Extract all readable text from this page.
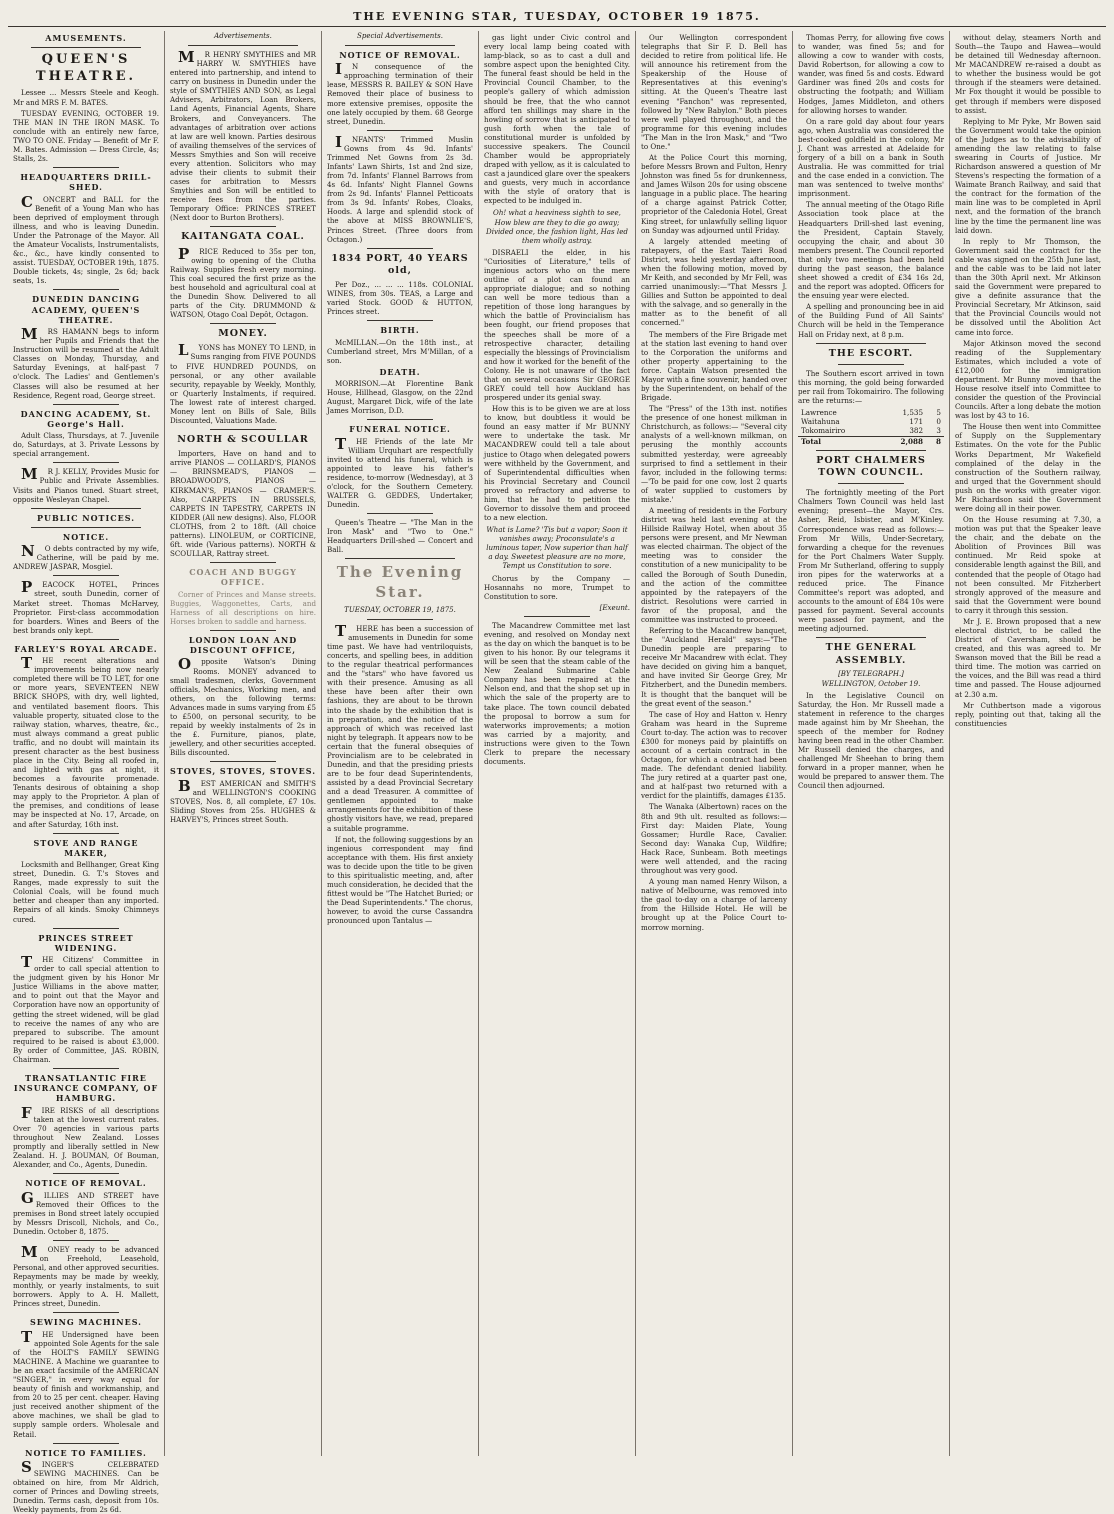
THE EVENING STAR, TUESDAY, OCTOBER 19 1875.
AMUSEMENTS.
QUEEN'S THEATRE.

Lessee ... Messrs Steele and Keogh. Mr and MRS F. M. BATES.

TUESDAY EVENING, OCTOBER 19. THE MAN IN THE IRON MASK. To conclude with an entirely new farce, TWO TO ONE. Friday — Benefit of Mr F. M. Bates. Admission — Dress Circle, 4s; Stalls, 2s.

HEADQUARTERS DRILL-SHED.

CONCERT and BALL for the Benefit of a Young Man who has been deprived of employment through illness, and who is leaving Dunedin. Under the Patronage of the Mayor. All the Amateur Vocalists, Instrumentalists, &c., &c., have kindly consented to assist. TUESDAY, OCTOBER 19th, 1875. Double tickets, 4s; single, 2s 6d; back seats, 1s.

DUNEDIN DANCING ACADEMY, QUEEN'S THEATRE.

MRS HAMANN begs to inform her Pupils and Friends that the Instruction will be resumed at the Adult Classes on Monday, Thursday, and Saturday Evenings, at half-past 7 o'clock. The Ladies' and Gentlemen's Classes will also be resumed at her Residence, Regent road, George street.

DANCING ACADEMY, St. George's Hall.

Adult Class, Thursdays, at 7. Juvenile do, Saturdays, at 3. Private Lessons by special arrangement.

MR J. KELLY, Provides Music for Public and Private Assemblies. Visits and Pianos tuned. Stuart street, opposite Wesleyan Chapel.

PUBLIC NOTICES.
NOTICE.

NO debts contracted by my wife, Catherine, will be paid by me. ANDREW JASPAR, Mosgiel.

PEACOCK HOTEL, Princes street, south Dunedin, corner of Market street. Thomas McHarvey, Proprietor. First-class accommodation for boarders. Wines and Beers of the best brands only kept.

FARLEY'S ROYAL ARCADE.

THE recent alterations and improvements being now nearly completed there will be TO LET, for one or more years, SEVENTEEN NEW BRICK SHOPS, with dry, well lighted, and ventilated basement floors. This valuable property, situated close to the railway station, wharves, theatre, &c., must always command a great public traffic, and no doubt will maintain its present character as the best business place in the City. Being all roofed in, and lighted with gas at night, it becomes a favourite promenade. Tenants desirous of obtaining a shop may apply to the Proprietor. A plan of the premises, and conditions of lease may be inspected at No. 17, Arcade, on and after Saturday, 16th inst.

STOVE AND RANGE MAKER,

Locksmith and Bellhanger, Great King street, Dunedin. G. T.'s Stoves and Ranges, made expressly to suit the Colonial Coals, will be found much better and cheaper than any imported. Repairs of all kinds. Smoky Chimneys cured.

PRINCES STREET WIDENING.

THE Citizens' Committee in order to call special attention to the judgment given by his Honor Mr Justice Williams in the above matter, and to point out that the Mayor and Corporation have now an opportunity of getting the street widened, will be glad to receive the names of any who are prepared to subscribe. The amount required to be raised is about £3,000. By order of Committee, JAS. ROBIN, Chairman.

TRANSATLANTIC FIRE INSURANCE COMPANY, OF HAMBURG.

FIRE RISKS of all descriptions taken at the lowest current rates. Over 70 agencies in various parts throughout New Zealand. Losses promptly and liberally settled in New Zealand. H. J. BOUMAN, Of Bouman, Alexander, and Co., Agents, Dunedin.

NOTICE OF REMOVAL.

GILLIES AND STREET have Removed their Offices to the premises in Bond street lately occupied by Messrs Driscoll, Nichols, and Co., Dunedin. October 8, 1875.

MONEY ready to be advanced on Freehold, Leasehold, Personal, and other approved securities. Repayments may be made by weekly, monthly, or yearly instalments, to suit borrowers. Apply to A. H. Mallett, Princes street, Dunedin.

SEWING MACHINES.

THE Undersigned have been appointed Sole Agents for the sale of the HOLT'S FAMILY SEWING MACHINE. A Machine we guarantee to be an exact facsimile of the AMERICAN "SINGER," in every way equal for beauty of finish and workmanship, and from 20 to 25 per cent. cheaper. Having just received another shipment of the above machines, we shall be glad to supply sample orders. Wholesale and Retail.

NOTICE TO FAMILIES.

SINGER'S CELEBRATED SEWING MACHINES. Can be obtained on hire, from Mr Aldrich, corner of Princes and Dowling streets, Dunedin. Terms cash, deposit from 10s. Weekly payments, from 2s 6d.

Advertisements.

MR HENRY SMYTHIES and MR HARRY W. SMYTHIES have entered into partnership, and intend to carry on business in Dunedin under the style of SMYTHIES AND SON, as Legal Advisers, Arbitrators, Loan Brokers, Land Agents, Financial Agents, Share Brokers, and Conveyancers. The advantages of arbitration over actions at law are well known. Parties desirous of availing themselves of the services of Messrs Smythies and Son will receive every attention. Solicitors who may advise their clients to submit their cases for arbitration to Messrs Smythies and Son will be entitled to receive fees from the parties. Temporary Office: PRINCES STREET (Next door to Burton Brothers).

KAITANGATA COAL.

PRICE Reduced to 35s per ton, owing to opening of the Clutha Railway. Supplies fresh every morning. This coal secured the first prize as the best household and agricultural coal at the Dunedin Show. Delivered to all parts of the City. DRUMMOND & WATSON, Otago Coal Depôt, Octagon.

MONEY.

LYONS has MONEY TO LEND, in Sums ranging from FIVE POUNDS to FIVE HUNDRED POUNDS, on personal, or any other available security, repayable by Weekly, Monthly, or Quarterly Instalments, if required. The lowest rate of interest charged. Money lent on Bills of Sale, Bills Discounted, Valuations Made.

NORTH & SCOULLAR

Importers, Have on hand and to arrive PIANOS — COLLARD'S, PIANOS — BRINSMEAD'S, PIANOS — BROADWOOD'S, PIANOS — KIRKMAN'S, PIANOS — CRAMER'S. Also, CARPETS IN BRUSSELS, CARPETS IN TAPESTRY, CARPETS IN KIDDER (All new designs). Also, FLOOR CLOTHS, from 2 to 18ft. (All choice patterns). LINOLEUM, or CORTICINE, 6ft. wide (Various patterns). NORTH & SCOULLAR, Rattray street.

COACH AND BUGGY OFFICE.

Corner of Princes and Manse streets. Buggies, Waggonettes, Carts, and Harness of all descriptions on hire. Horses broken to saddle and harness.

LONDON LOAN AND DISCOUNT OFFICE,

Opposite Watson's Dining Rooms. MONEY advanced to small tradesmen, clerks, Government officials, Mechanics, Working men, and others, on the following terms: Advances made in sums varying from £5 to £500, on personal security, to be repaid by weekly instalments of 2s in the £. Furniture, pianos, plate, jewellery, and other securities accepted. Bills discounted.

STOVES, STOVES, STOVES.

BEST AMERICAN and SMITH'S and WELLINGTON'S COOKING STOVES, Nos. 8, all complete, £7 10s. Sliding Stoves from 25s. HUGHES & HARVEY'S, Princes street South.

Special Advertisements.
NOTICE OF REMOVAL.

IN consequence of the approaching termination of their lease, MESSRS R. BAILEY & SON Have Removed their place of business to more extensive premises, opposite the one lately occupied by them. 68 George street, Dunedin.

INFANTS' Trimmed Muslin Gowns from 4s 9d. Infants' Trimmed Net Gowns from 2s 3d. Infants' Lawn Shirts, 1st and 2nd size, from 7d. Infants' Flannel Barrows from 4s 6d. Infants' Night Flannel Gowns from 2s 9d. Infants' Flannel Petticoats from 3s 9d. Infants' Robes, Cloaks, Hoods. A large and splendid stock of the above at MISS BROWNLIE'S, Princes Street. (Three doors from Octagon.)

1834 PORT, 40 YEARS old,

Per Doz., ... ... ... 118s. COLONIAL WINES, from 30s. TEAS, a Large and varied Stock. GOOD & HUTTON, Princes street.

BIRTH.

McMILLAN.—On the 18th inst., at Cumberland street, Mrs M'Millan, of a son.

DEATH.

MORRISON.—At Florentine Bank House, Hillhead, Glasgow, on the 22nd August, Margaret Dick, wife of the late James Morrison, D.D.

FUNERAL NOTICE.

THE Friends of the late Mr William Urquhart are respectfully invited to attend his funeral, which is appointed to leave his father's residence, to-morrow (Wednesday), at 3 o'clock, for the Southern Cemetery. WALTER G. GEDDES, Undertaker, Dunedin.

Queen's Theatre — "The Man in the Iron Mask" and "Two to One." Headquarters Drill-shed — Concert and Ball.

The Evening Star.
TUESDAY, OCTOBER 19, 1875.

THERE has been a succession of amusements in Dunedin for some time past. We have had ventriloquists, concerts, and spelling bees, in addition to the regular theatrical performances and the "stars" who have favored us with their presence. Amusing as all these have been after their own fashions, they are about to be thrown into the shade by the exhibition that is in preparation, and the notice of the approach of which was received last night by telegraph. It appears now to be certain that the funeral obsequies of Provincialism are to be celebrated in Dunedin, and that the presiding priests are to be four dead Superintendents, assisted by a dead Provincial Secretary and a dead Treasurer. A committee of gentlemen appointed to make arrangements for the exhibition of these ghostly visitors have, we read, prepared a suitable programme.

If not, the following suggestions by an ingenious correspondent may find acceptance with them. His first anxiety was to decide upon the title to be given to this spiritualistic meeting, and, after much consideration, he decided that the fittest would be "The Hatchet Buried; or the Dead Superintendents." The chorus, however, to avoid the curse Cassandra pronounced upon Tantalus —

gas light under Civic control and every local lamp being coated with lamp-black, so as to cast a dull and sombre aspect upon the benighted City. The funeral feast should be held in the Provincial Council Chamber, to the people's gallery of which admission should be free, that the who cannot afford ten shillings may share in the howling of sorrow that is anticipated to gush forth when the tale of constitutional murder is unfolded by successive speakers. The Council Chamber would be appropriately draped with yellow, as it is calculated to cast a jaundiced glare over the speakers and guests, very much in accordance with the style of oratory that is expected to be indulged in.

Oh! what a heaviness sighth to see, How blew are they to die go away; Divided once, the fashion light, Has led them wholly astray.

DISRAELI the elder, in his "Curiosities of Literature," tells of ingenious actors who on the mere outline of a plot can found an appropriate dialogue; and so nothing can well be more tedious than a repetition of those long harangues by which the battle of Provincialism has been fought, our friend proposes that the speeches shall be more of a retrospective character, detailing especially the blessings of Provincialism and how it worked for the benefit of the Colony. He is not unaware of the fact that on several occasions Sir GEORGE GREY could tell how Auckland has prospered under its genial sway.

How this is to be given we are at loss to know, but doubtless it would be found an easy matter if Mr BUNNY were to undertake the task. Mr MACANDREW could tell a tale about justice to Otago when delegated powers were withheld by the Government, and of Superintendental difficulties when his Provincial Secretary and Council proved so refractory and adverse to him, that he had to petition the Governor to dissolve them and proceed to a new election.

What is Lame? 'Tis but a vapor; Soon it vanishes away; Proconsulate's a luminous taper, Now superior than half a day. Sweetest pleasure are no more, Tempt us Constitution to sore.

Chorus by the Company — Hosannahs no more, Trumpet to Constitution to sore.

[Exeunt.

The Macandrew Committee met last evening, and resolved on Monday next as the day on which the banquet is to be given to his honor. By our telegrams it will be seen that the steam cable of the New Zealand Submarine Cable Company has been repaired at the Nelson end, and that the shop set up in which the sale of the property are to take place. The town council debated the proposal to borrow a sum for waterworks improvements; a motion was carried by a majority, and instructions were given to the Town Clerk to prepare the necessary documents.

Our Wellington correspondent telegraphs that Sir F. D. Bell has decided to retire from political life. He will announce his retirement from the Speakership of the House of Representatives at this evening's sitting. At the Queen's Theatre last evening "Fanchon" was represented, followed by "New Babylon." Both pieces were well played throughout, and the programme for this evening includes "The Man in the Iron Mask," and "Two to One."

At the Police Court this morning, before Messrs Brown and Fulton, Henry Johnston was fined 5s for drunkenness, and James Wilson 20s for using obscene language in a public place. The hearing of a charge against Patrick Cotter, proprietor of the Caledonia Hotel, Great King street, for unlawfully selling liquor on Sunday was adjourned until Friday.

A largely attended meeting of ratepayers, of the East Taieri Road District, was held yesterday afternoon, when the following motion, moved by Mr Keith, and seconded by Mr Fell, was carried unanimously:—"That Messrs J. Gillies and Sutton be appointed to deal with the salvage, and so generally in the matter as to the benefit of all concerned."

The members of the Fire Brigade met at the station last evening to hand over to the Corporation the uniforms and other property appertaining to the force. Captain Watson presented the Mayor with a fine souvenir, handed over by the Superintendent, on behalf of the Brigade.

The "Press" of the 13th inst. notifies the presence of one honest milkman in Christchurch, as follows:— "Several city analysts of a well-known milkman, on perusing the monthly accounts submitted yesterday, were agreeably surprised to find a settlement in their favor, included in the following terms:—'To be paid for one cow, lost 2 quarts of water supplied to customers by mistake.'

A meeting of residents in the Forbury district was held last evening at the Hillside Railway Hotel, when about 35 persons were present, and Mr Newman was elected chairman. The object of the meeting was to consider the constitution of a new municipality to be called the Borough of South Dunedin, and the action of the committee appointed by the ratepayers of the district. Resolutions were carried in favor of the proposal, and the committee was instructed to proceed.

Referring to the Macandrew banquet, the "Auckland Herald" says:—"The Dunedin people are preparing to receive Mr Macandrew with éclat. They have decided on giving him a banquet, and have invited Sir George Grey, Mr Fitzherbert, and the Dunedin members. It is thought that the banquet will be the great event of the season."

The case of Hoy and Hatton v. Henry Graham was heard in the Supreme Court to-day. The action was to recover £300 for moneys paid by plaintiffs on account of a certain contract in the Octagon, for which a contract had been made. The defendant denied liability. The jury retired at a quarter past one, and at half-past two returned with a verdict for the plaintiffs, damages £135.

The Wanaka (Albertown) races on the 8th and 9th ult. resulted as follows:—First day: Maiden Plate, Young Gossamer; Hurdle Race, Cavalier. Second day: Wanaka Cup, Wildfire; Hack Race, Sunbeam. Both meetings were well attended, and the racing throughout was very good.

A young man named Henry Wilson, a native of Melbourne, was removed into the gaol to-day on a charge of larceny from the Hillside Hotel. He will be brought up at the Police Court to-morrow morning.

Thomas Perry, for allowing five cows to wander, was fined 5s; and for allowing a cow to wander with costs, David Robertson, for allowing a cow to wander, was fined 5s and costs. Edward Gardiner was fined 20s and costs for obstructing the footpath; and William Hodges, James Middleton, and others for allowing horses to wander.

On a rare gold day about four years ago, when Australia was considered the best-cooked goldfield in the colony, Mr J. Chant was arrested at Adelaide for forgery of a bill on a bank in South Australia. He was committed for trial and the case ended in a conviction. The man was sentenced to twelve months' imprisonment.

The annual meeting of the Otago Rifle Association took place at the Headquarters Drill-shed last evening, the President, Captain Stavely, occupying the chair, and about 30 members present. The Council reported that only two meetings had been held during the past season, the balance sheet showed a credit of £34 16s 2d, and the report was adopted. Officers for the ensuing year were elected.

A spelling and pronouncing bee in aid of the Building Fund of All Saints' Church will be held in the Temperance Hall on Friday next, at 8 p.m.

THE ESCORT.

The Southern escort arrived in town this morning, the gold being forwarded per rail from Tokomairiro. The following are the returns:—

Lawrence	1,535	5
Waitahuna	171	0
Tokomairiro	382	3
Total	2,088	8
PORT CHALMERS TOWN COUNCIL.

The fortnightly meeting of the Port Chalmers Town Council was held last evening; present—the Mayor, Crs. Asher, Reid, Isbister, and M'Kinley. Correspondence was read as follows:—From Mr Wills, Under-Secretary, forwarding a cheque for the revenues for the Port Chalmers Water Supply. From Mr Sutherland, offering to supply iron pipes for the waterworks at a reduced price. The Finance Committee's report was adopted, and accounts to the amount of £84 10s were passed for payment. Several accounts were passed for payment, and the meeting adjourned.

THE GENERAL ASSEMBLY.
[BY TELEGRAPH.]
WELLINGTON, October 19.

In the Legislative Council on Saturday, the Hon. Mr Russell made a statement in reference to the charges made against him by Mr Sheehan, the speech of the member for Rodney having been read in the other Chamber. Mr Russell denied the charges, and challenged Mr Sheehan to bring them forward in a proper manner, when he would be prepared to answer them. The Council then adjourned.

without delay, steamers North and South—the Taupo and Hawea—would be detained till Wednesday afternoon. Mr MACANDREW re-raised a doubt as to whether the business would be got through if the steamers were detained. Mr Fox thought it would be possible to get through if members were disposed to assist.

Replying to Mr Pyke, Mr Bowen said the Government would take the opinion of the Judges as to the advisability of amending the law relating to false swearing in Courts of Justice. Mr Richardson answered a question of Mr Stevens's respecting the formation of a Waimate Branch Railway, and said that the contract for the formation of the main line was to be completed in April next, and the formation of the branch line by the time the permanent line was laid down.

In reply to Mr Thomson, the Government said the contract for the cable was signed on the 25th June last, and the cable was to be laid not later than the 30th April next. Mr Atkinson said the Government were prepared to give a definite assurance that the Provincial Secretary, Mr Atkinson, said that the Provincial Councils would not be dissolved until the Abolition Act came into force.

Major Atkinson moved the second reading of the Supplementary Estimates, which included a vote of £12,000 for the immigration department. Mr Bunny moved that the House resolve itself into Committee to consider the question of the Provincial Councils. After a long debate the motion was lost by 43 to 16.

The House then went into Committee of Supply on the Supplementary Estimates. On the vote for the Public Works Department, Mr Wakefield complained of the delay in the construction of the Southern railway, and urged that the Government should push on the works with greater vigor. Mr Richardson said the Government were doing all in their power.

On the House resuming at 7.30, a motion was put that the Speaker leave the chair, and the debate on the Abolition of Provinces Bill was continued. Mr Reid spoke at considerable length against the Bill, and contended that the people of Otago had not been consulted. Mr Fitzherbert strongly approved of the measure and said that the Government were bound to carry it through this session.

Mr J. E. Brown proposed that a new electoral district, to be called the District of Caversham, should be created, and this was agreed to. Mr Swanson moved that the Bill be read a third time. The motion was carried on the voices, and the Bill was read a third time and passed. The House adjourned at 2.30 a.m.

Mr Cuthbertson made a vigorous reply, pointing out that, taking all the constituencies
